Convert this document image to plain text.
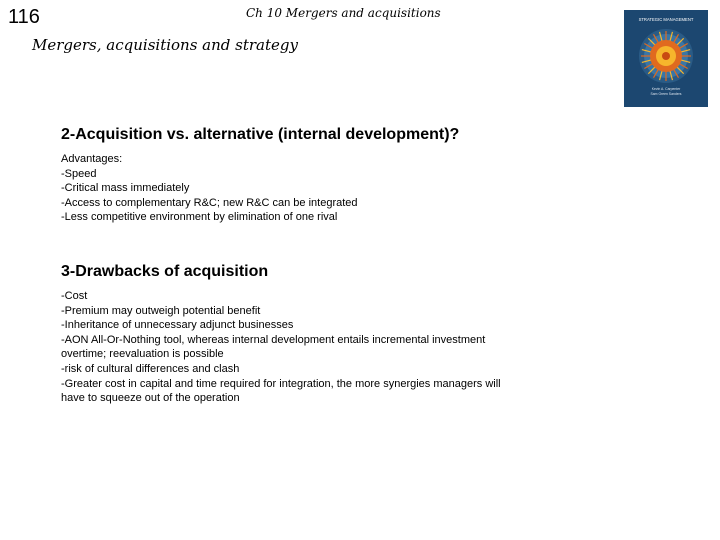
116	Ch 10 Mergers and acquisitions
Mergers, acquisitions and strategy
STRATEGIC MANAGEMENT
Kevin A. Carpenter
Sam Green Sanders
2-Acquisition vs. alternative (internal development)?
Advantages:
-Speed
-Critical mass immediately
-Access to complementary R&C; new R&C can be integrated
-Less competitive environment by elimination of one rival
3-Drawbacks of acquisition
-Cost
-Premium may outweigh potential benefit
-Inheritance of unnecessary adjunct businesses
-AON All-Or-Nothing tool, whereas internal development entails incremental investment
overtime; reevaluation is possible
-risk of cultural differences and clash
-Greater cost in capital and time required for integration, the more synergies managers will
have to squeeze out of the operation
